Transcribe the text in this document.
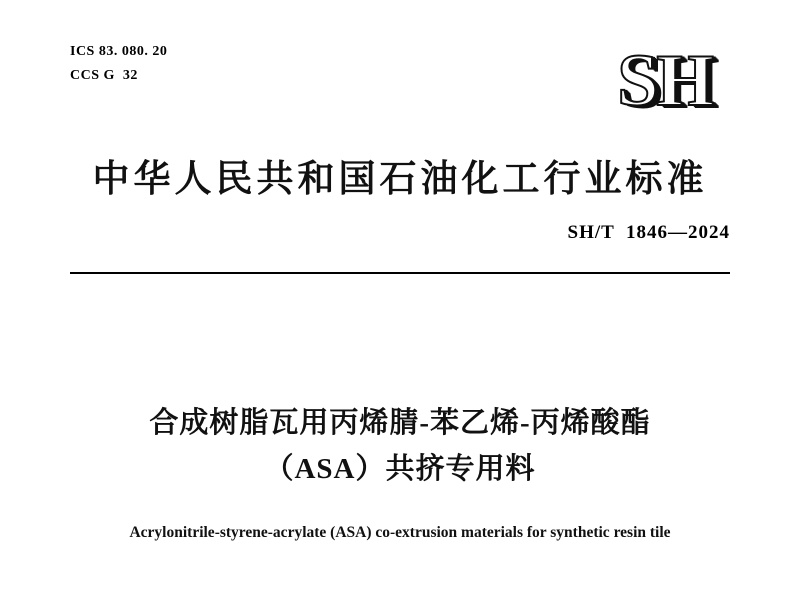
ICS 83. 080. 20
CCS G  32	SH
中华人民共和国石油化工行业标准
SH/T  1846—2024
合成树脂瓦用丙烯腈-苯乙烯-丙烯酸酯
（ASA）共挤专用料
Acrylonitrile-styrene-acrylate (ASA) co-extrusion materials for synthetic resin tile
